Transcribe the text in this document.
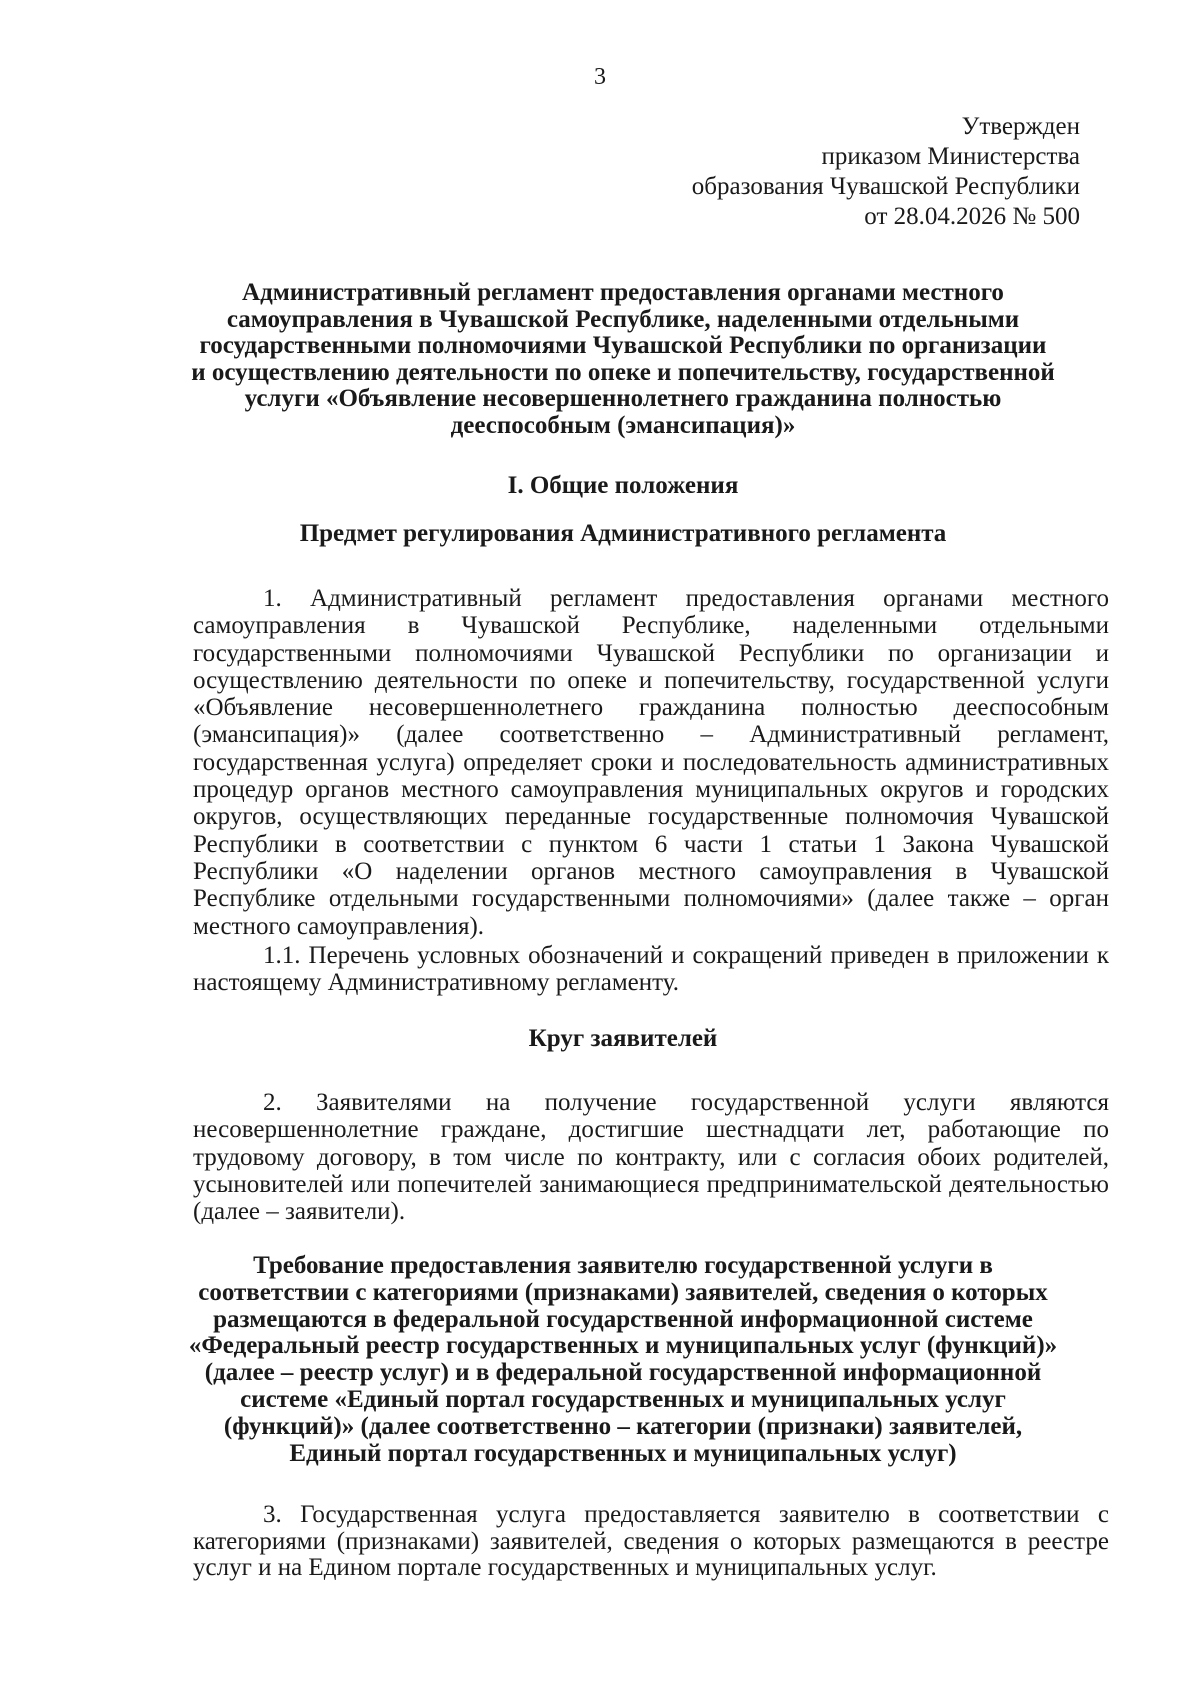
3
Утвержден
приказом Министерства
образования Чувашской Республики
от 28.04.2026 № 500
Административный регламент предоставления органами местного
самоуправления в Чувашской Республике, наделенными отдельными
государственными полномочиями Чувашской Республики по организации
и осуществлению деятельности по опеке и попечительству, государственной
услуги «Объявление несовершеннолетнего гражданина полностью
дееспособным (эмансипация)»
I. Общие положения
Предмет регулирования Административного регламента

1. Административный регламент предоставления органами местного самоуправления в Чувашской Республике, наделенными отдельными государственными полномочиями Чувашской Республики по организации и осуществлению деятельности по опеке и попечительству, государственной услуги «Объявление несовершеннолетнего гражданина полностью дееспособным (эмансипация)» (далее соответственно – Административный регламент, государственная услуга) определяет сроки и последовательность административных процедур органов местного самоуправления муниципальных округов и городских округов, осуществляющих переданные государственные полномочия Чувашской Республики в соответствии с пунктом 6 части 1 статьи 1 Закона Чувашской Республики «О наделении органов местного самоуправления в Чувашской Республике отдельными государственными полномочиями» (далее также – орган местного самоуправления).

1.1. Перечень условных обозначений и сокращений приведен в приложении к настоящему Административному регламенту.

Круг заявителей

2. Заявителями на получение государственной услуги являются несовершеннолетние граждане, достигшие шестнадцати лет, работающие по трудовому договору, в том числе по контракту, или с согласия обоих родителей, усыновителей или попечителей занимающиеся предпринимательской деятельностью (далее – заявители).

Требование предоставления заявителю государственной услуги в
соответствии с категориями (признаками) заявителей, сведения о которых
размещаются в федеральной государственной информационной системе
«Федеральный реестр государственных и муниципальных услуг (функций)»
(далее – реестр услуг) и в федеральной государственной информационной
системе «Единый портал государственных и муниципальных услуг
(функций)» (далее соответственно – категории (признаки) заявителей,
Единый портал государственных и муниципальных услуг)

3. Государственная услуга предоставляется заявителю в соответствии с категориями (признаками) заявителей, сведения о которых размещаются в реестре услуг и на Едином портале государственных и муниципальных услуг.
